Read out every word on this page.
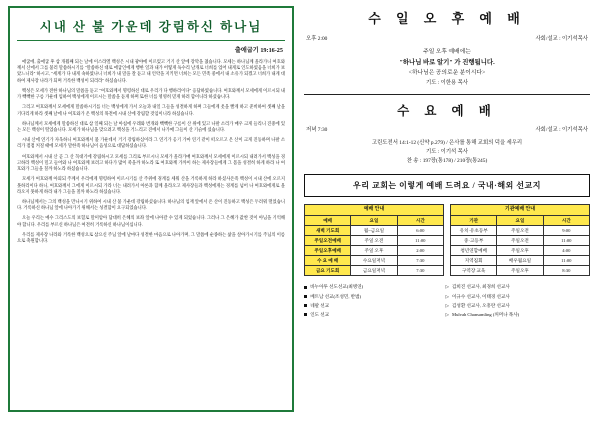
시내 산 불 가운데 강림하신 하나님
출애굽기 19:16-25

애굽에, 출애굽 후 삼 개월째 되는 날에 이스라엘 백성은 시내 광야에 이르렀고 거기 산 앞에 장막을 쳤습니다. 모세는 하나님께 올라가니 여호와께서 산에서 그를 불러 말씀하시기를 "말씀하신 대로 애굽인에게 행한 일과 내가 어떻게 독수리 날개로 너희를 업어 내게로 인도하였음을 너희가 보았느니라" 하시고, "세계가 다 내게 속하였나니 너희가 내 말을 잘 듣고 내 언약을 지키면 너희는 모든 민족 중에서 내 소유가 되겠고 너희가 내게 대하여 제사장 나라가 되며 거룩한 백성이 되리라" 하셨습니다.

백성은 모세가 전한 하나님의 말씀을 듣고 "여호와께서 명령하신 대로 우리가 다 행하리이다" 응답하였습니다. 여호와께서 모세에게 이르시되 내가 빽빽한 구름 가운데 임하여 백성에게 이르시는 말씀을 듣게 하며 또한 너를 영영히 믿게 하려 함이니라 하셨습니다.

그리고 여호와께서 모세에게 말씀하시기를 너는 백성에게 가서 오늘과 내일 그들을 성결하게 하며 그들에게 옷을 빨게 하고 준비하여 셋째 날을 기다리게 하라 셋째 날에 나 여호와가 온 백성의 목전에 시내 산에 강림할 것임이니라 하셨습니다.

하나님께서 모세에게 말씀하신 대로 삼 일째 되는 날 아침에 우레와 번개와 빽빽한 구름이 산 위에 있고 나팔 소리가 매우 크게 들리니 진중에 있는 모든 백성이 떨었습니다. 모세가 하나님을 맞으려고 백성을 거느리고 진에서 나가매 그들이 산 기슭에 섰습니다.

시내 산에 연기가 자욱하니 여호와께서 불 가운데서 거기 강림하심이라 그 연기가 옹기 가마 연기 같이 떠오르고 온 산이 크게 진동하며 나팔 소리가 점점 커질 때에 모세가 말한즉 하나님이 음성으로 대답하셨습니다.

여호와께서 시내 산 곧 그 산 꼭대기에 강림하시고 모세를 그리로 부르시니 모세가 올라가매 여호와께서 모세에게 이르시되 내려가서 백성을 경고하라 백성이 밀고 들어와 나 여호와께 보려고 하다가 많이 죽을까 하노라 또 여호와께 가까이 하는 제사장들에게 그 몸을 성결히 하게 하라 나 여호와가 그들을 칠까 하노라 하셨습니다.

모세가 여호와께 아뢰되 주께서 우리에게 명령하여 이르시기를 산 주위에 경계를 세워 산을 거룩하게 하라 하셨사온즉 백성이 시내 산에 오르지 못하리이다 하니, 여호와께서 그에게 이르시되 가라 너는 내려가서 아론과 함께 올라오고 제사장들과 백성에게는 경계를 넘어 나 여호와에게로 올라오지 못하게 하라 내가 그들을 칠까 하노라 하셨습니다.

하나님께서는 그의 백성을 만나시기 위하여 시내 산 불 가운데 강림하셨습니다. 하나님의 임재 앞에서 온 산이 진동하고 백성은 두려워 떨었습니다. 거룩하신 하나님 앞에 나아가기 위해서는 성결함이 요구되었습니다.

오늘 우리는 예수 그리스도의 보혈로 말미암아 담대히 은혜의 보좌 앞에 나아갈 수 있게 되었습니다. 그러나 그 은혜가 값싼 것이 아님을 기억해야 합니다. 우리를 부르신 하나님은 여전히 거룩하신 하나님이십니다.

우리를 제사장 나라와 거룩한 백성으로 삼으신 주님 앞에 날마다 성결한 마음으로 나아가며, 그 말씀에 순종하는 삶을 살아가시기를 주님의 이름으로 축원합니다.

수 일 오 후 예 배
오후 2:00	사회/설교 : 이기석목사
주일 오후 예배에는
"하나님 바로 알기" 가 진행됩니다.
<하나님은 공의로운 분이시다>
기도 : 이한용 목사
수 요 예 배
저녁 7:30	사회/설교 : 이기석목사
고린도전서 14:1-12 (신약 p.279) / 은사를 통해 교회의 덕을 세우리
기도 : 이기석 목사
찬 송 : 197장(통178) / 210장(통245)
우리 교회는 이렇게 예배 드려요 / 국내·해외 선교지
예배 안내		
예배	요일	시간
새벽 기도회	월~금요일	6:00
주일오전예배	주일 오전	11:00
주일오후예배	주일 오후	2:00
수 요 예 배	수요일저녁	7:30
금요 기도회	금요일저녁	7:30
기관예배 안내		
기관	요일	시간
유치·유초등부	주일오전	9:00
중·고등부	주일오전	11:00
청년연합예배	주일오후	4:00
지역집회	배우월요일	11:00
구역장 교육	주일오후	8:30
바누아투 선도선교(최병연)
베트남 선교(조성민, 반범)
네팔 선교
인도 선교
▷ 김희진 선교사, 최경희 선교사
▷ 이규수 선교사, 이태경 선교사
▷ 김성환 선교사, 오흥란 선교사
▷ Mulvah Chansamling (꺼머나 목사)
